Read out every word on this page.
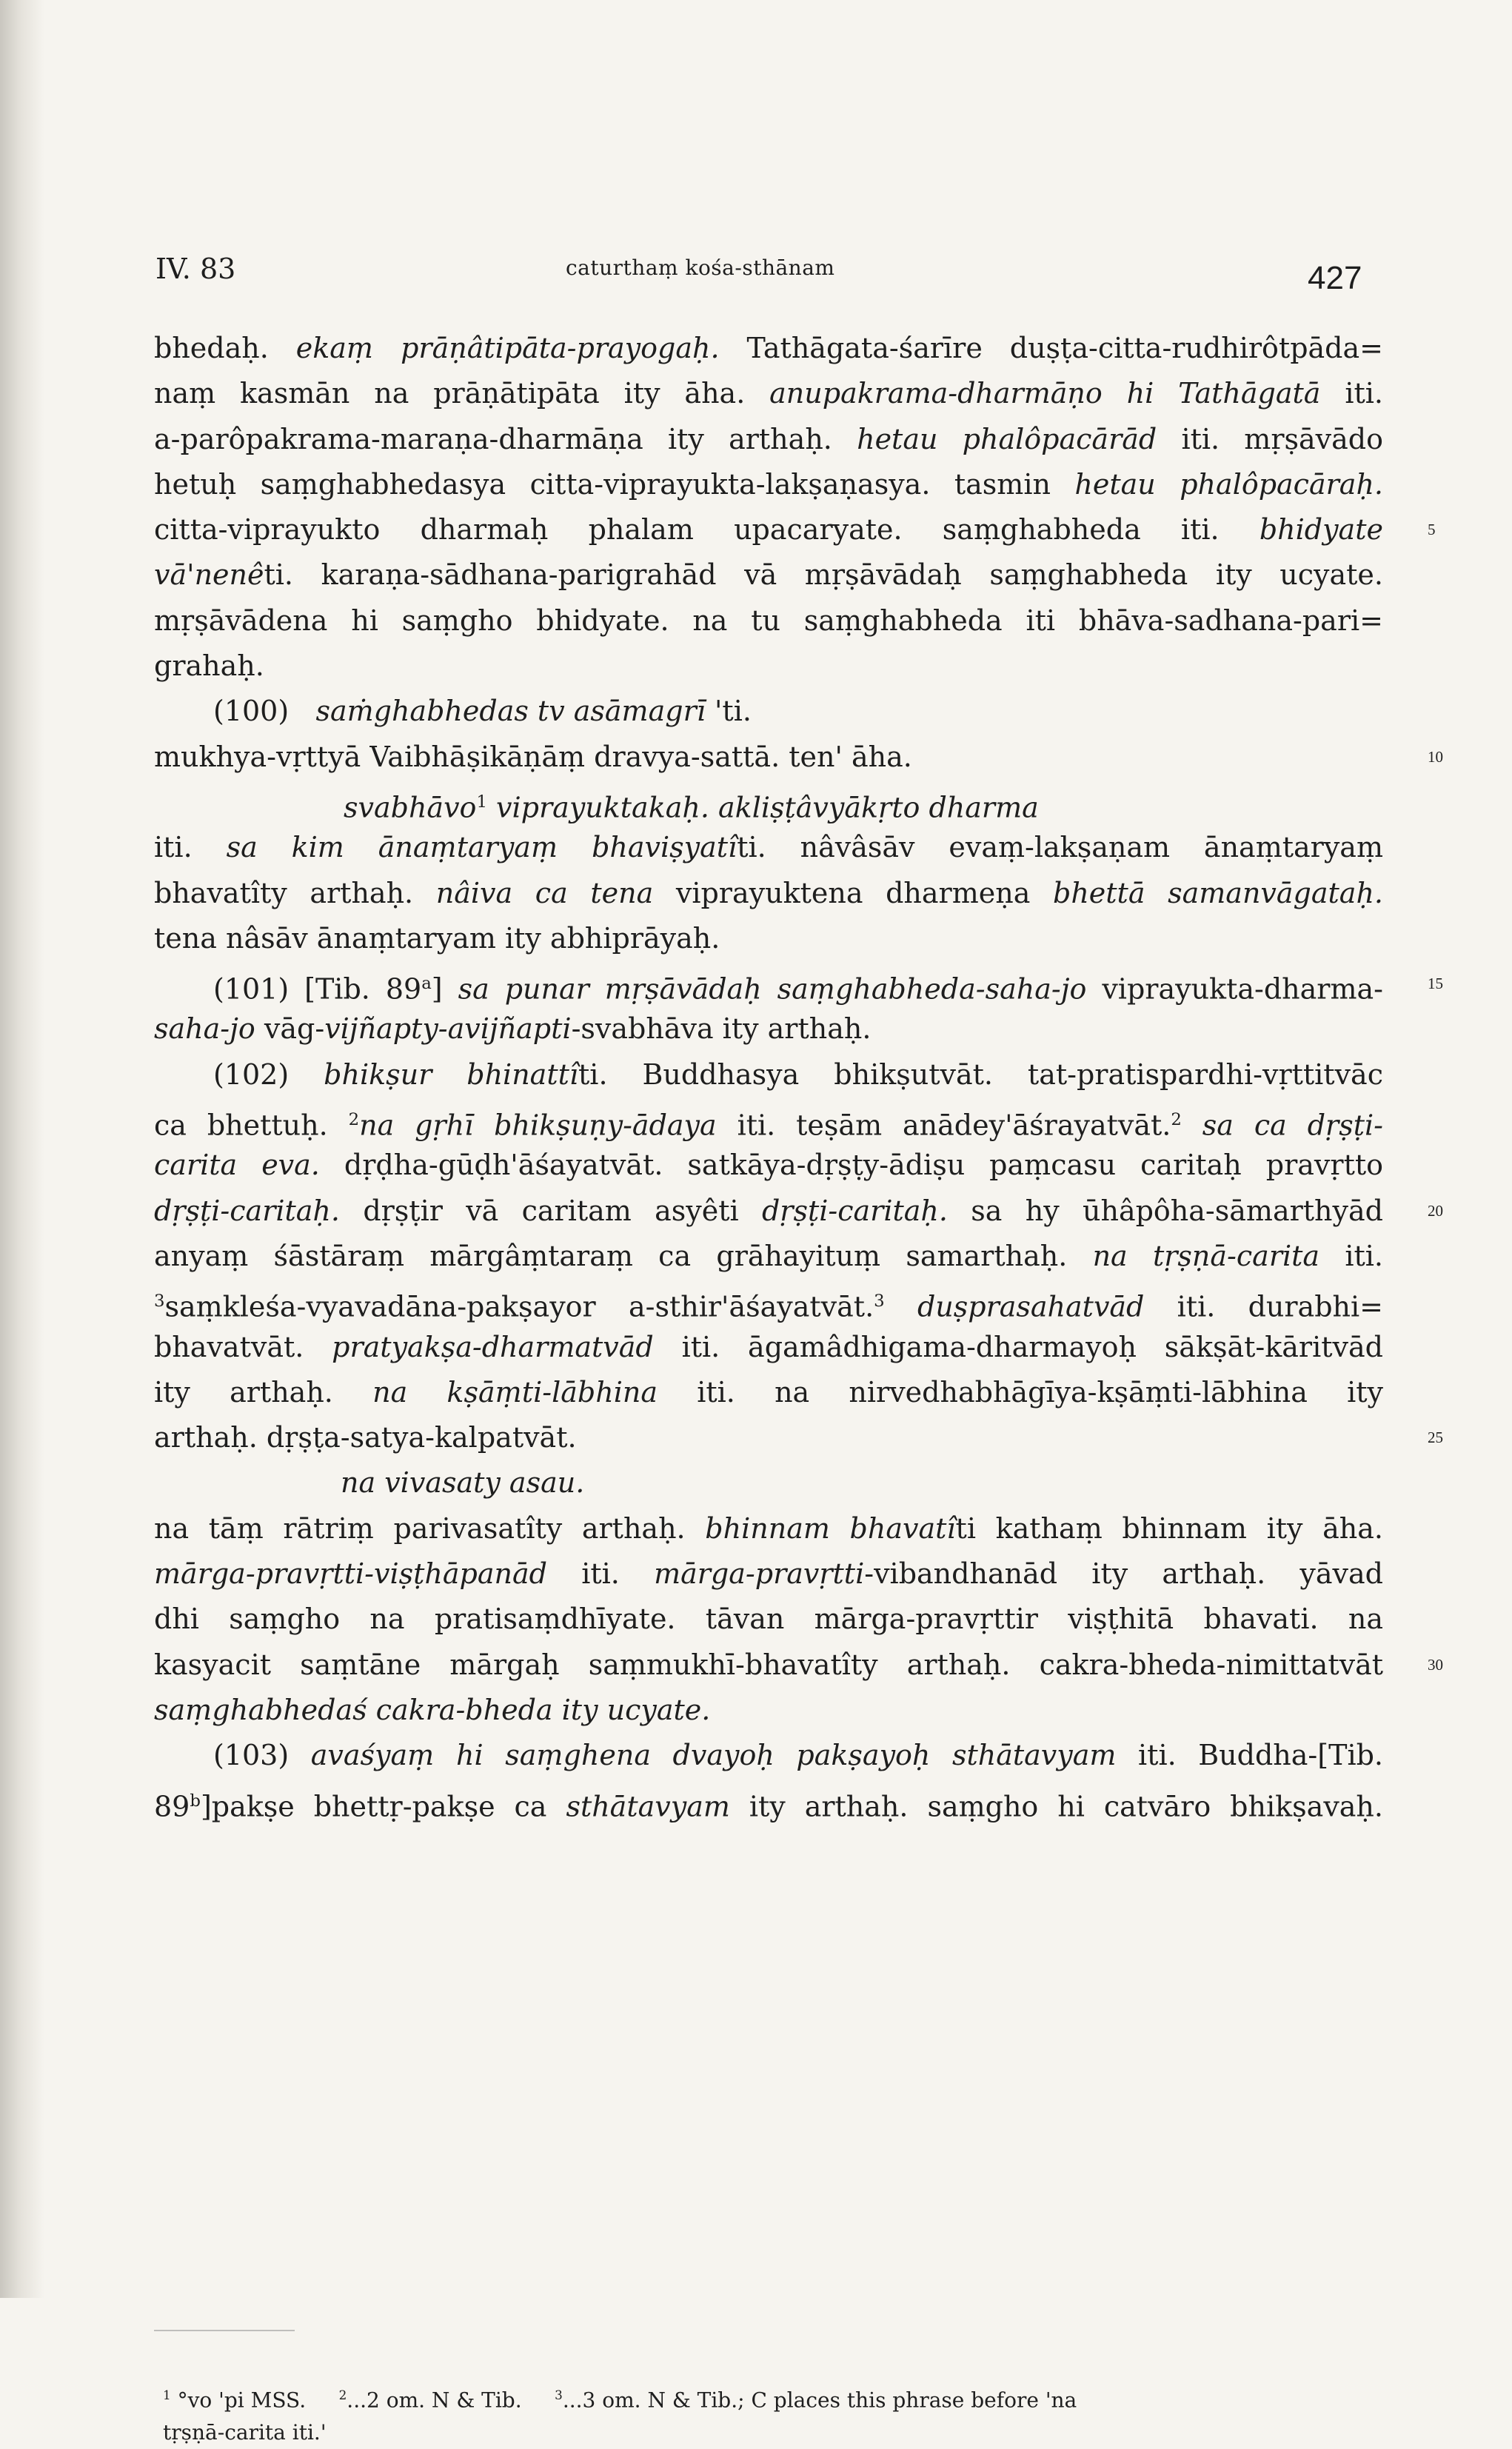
IV. 83	caturthaṃ kośa-sthānam	427
bhedaḥ. ekaṃ prāṇâtipāta-prayogaḥ. Tathāgata-śarīre duṣṭa-citta-rudhirôtpāda=
naṃ kasmān na prāṇātipāta ity āha. anupakrama-dharmāṇo hi Tathāgatā iti.
a-parôpakrama-maraṇa-dharmāṇa ity arthaḥ. hetau phalôpacārād iti. mṛṣāvādo
hetuḥ saṃghabhedasya citta-viprayukta-lakṣaṇasya. tasmin hetau phalôpacāraḥ.
citta-viprayukto dharmaḥ phalam upacaryate. saṃghabheda iti. bhidyate	5
vā'nenêti. karaṇa-sādhana-parigrahād vā mṛṣāvādaḥ saṃghabheda ity ucyate.
mṛṣāvādena hi saṃgho bhidyate. na tu saṃghabheda iti bhāva-sadhana-pari=
grahaḥ.
(100) saṁghabhedas tv asāmagrī 'ti.
mukhya-vṛttyā Vaibhāṣikāṇāṃ dravya-sattā. ten' āha.	10
svabhāvo$^1$ viprayuktakaḥ. akliṣṭâvyākṛto dharma
iti. sa kim ānaṃtaryaṃ bhaviṣyatîti. nâvâsāv evaṃ-lakṣaṇam ānaṃtaryaṃ
bhavatîty arthaḥ. nâiva ca tena viprayuktena dharmeṇa bhettā samanvāgataḥ.
tena nâsāv ānaṃtaryam ity abhiprāyaḥ.
(101) [Tib. 89$^a$] sa punar mṛṣāvādaḥ saṃghabheda-saha-jo viprayukta-dharma-	15
saha-jo vāg-vijñapty-avijñapti-svabhāva ity arthaḥ.
(102) bhikṣur bhinattîti. Buddhasya bhikṣutvāt. tat-pratispardhi-vṛttitvāc
ca bhettuḥ. $^2$na gṛhī bhikṣuṇy-ādaya iti. teṣām anādey'āśrayatvāt.$^2$ sa ca dṛṣṭi-
carita eva. dṛḍha-gūḍh'āśayatvāt. satkāya-dṛṣṭy-ādiṣu paṃcasu caritaḥ pravṛtto
dṛṣṭi-caritaḥ. dṛṣṭir vā caritam asyêti dṛṣṭi-caritaḥ. sa hy ūhâpôha-sāmarthyād	20
anyaṃ śāstāraṃ mārgâṃtaraṃ ca grāhayituṃ samarthaḥ. na tṛṣṇā-carita iti.
$^3$saṃkleśa-vyavadāna-pakṣayor a-sthir'āśayatvāt.$^3$ duṣprasahatvād iti. durabhi=
bhavatvāt. pratyakṣa-dharmatvād iti. āgamâdhigama-dharmayoḥ sākṣāt-kāritvād
ity arthaḥ. na kṣāṃti-lābhina iti. na nirvedhabhāgīya-kṣāṃti-lābhina ity
arthaḥ. dṛṣṭa-satya-kalpatvāt.	25
na vivasaty asau.
na tāṃ rātriṃ parivasatîty arthaḥ. bhinnam bhavatîti kathaṃ bhinnam ity āha.
mārga-pravṛtti-viṣṭhāpanād iti. mārga-pravṛtti-vibandhanād ity arthaḥ. yāvad
dhi saṃgho na pratisaṃdhīyate. tāvan mārga-pravṛttir viṣṭhitā bhavati. na
kasyacit saṃtāne mārgaḥ saṃmukhī-bhavatîty arthaḥ. cakra-bheda-nimittatvāt	30
saṃghabhedaś cakra-bheda ity ucyate.
(103) avaśyaṃ hi saṃghena dvayoḥ pakṣayoḥ sthātavyam iti. Buddha-[Tib.
89$^b$]pakṣe bhettṛ-pakṣe ca sthātavyam ity arthaḥ. saṃgho hi catvāro bhikṣavaḥ.
$^1$ °vo 'pi MSS.	$^2$...2 om. N & Tib.	$^3$...3 om. N & Tib.; C places this phrase before 'na
tṛṣṇā-carita iti.'
